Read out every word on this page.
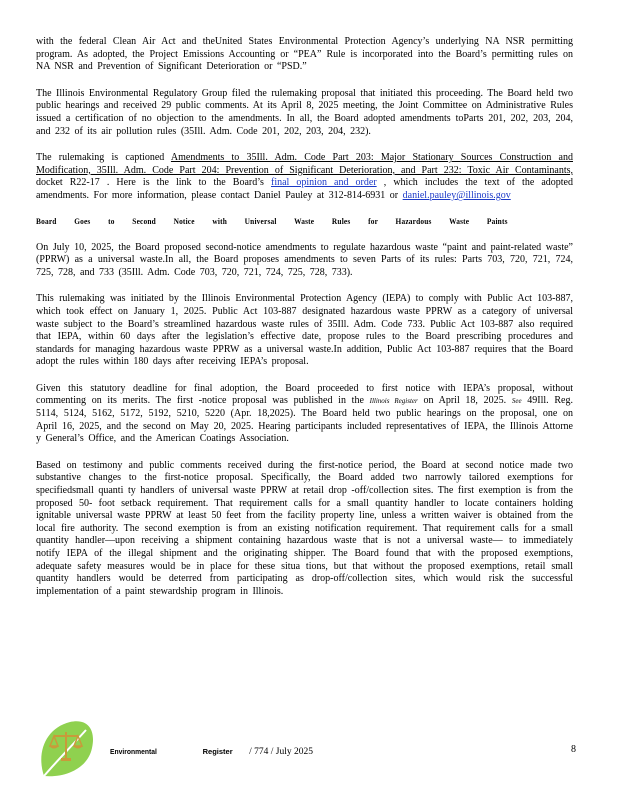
with the federal Clean Air Act and theUnited States Environmental Protection Agency’s underlying NA NSR permitting program. As adopted, the Project Emissions Accounting or “PEA” Rule is incorporated into the Board’s permitting rules on NA NSR and Prevention of Significant Deterioration or “PSD.”

The Illinois Environmental Regulatory Group filed the rulemaking proposal that initiated this proceeding. The Board held two public hearings and received 29 public comments. At its April 8, 2025 meeting, the Joint Committee on Administrative Rules issued a certification of no objection to the amendments. In all, the Board adopted amendments toParts 201, 202, 203, 204, and 232 of its air pollution rules (35Ill. Adm. Code 201, 202, 203, 204, 232).

The rulemaking is captioned Amendments to 35Ill. Adm. Code Part 203: Major Stationary Sources Construction and Modification, 35Ill. Adm. Code Part 204: Prevention of Significant Deterioration, and Part 232: Toxic Air Contaminants, docket R22-17 . Here is the link to the Board’s final opinion and order , which includes the text of the adopted amendments. For more information, please contact Daniel Pauley at 312-814-6931 or daniel.pauley@illinois.gov

Board Goes to Second Notice with Universal Waste Rules for Hazardous Waste Paints

On July 10, 2025, the Board proposed second-notice amendments to regulate hazardous waste “paint and paint-related waste” (PPRW) as a universal waste.In all, the Board proposes amendments to seven Parts of its rules: Parts 703, 720, 721, 724, 725, 728, and 733 (35Ill. Adm. Code 703, 720, 721, 724, 725, 728, 733).

This rulemaking was initiated by the Illinois Environmental Protection Agency (IEPA) to comply with Public Act 103-887, which took effect on January 1, 2025. Public Act 103-887 designated hazardous waste PPRW as a category of universal waste subject to the Board’s streamlined hazardous waste rules of 35Ill. Adm. Code 733. Public Act 103-887 also required that IEPA, within 60 days after the legislation’s effective date, propose rules to the Board prescribing procedures and standards for managing hazardous waste PPRW as a universal waste.In addition, Public Act 103-887 requires that the Board adopt the rules within 180 days after receiving IEPA’s proposal.

Given this statutory deadline for final adoption, the Board proceeded to first notice with IEPA’s proposal, without commenting on its merits. The first -notice proposal was published in the Illinois Register on April 18, 2025. See 49Ill. Reg. 5114, 5124, 5162, 5172, 5192, 5210, 5220 (Apr. 18,2025). The Board held two public hearings on the proposal, one on April 16, 2025, and the second on May 20, 2025. Hearing participants included representatives of IEPA, the Illinois Attorne y General’s Office, and the American Coatings Association.

Based on testimony and public comments received during the first-notice period, the Board at second notice made two substantive changes to the first-notice proposal. Specifically, the Board added two narrowly tailored exemptions for specifiedsmall quanti ty handlers of universal waste PPRW at retail drop -off/collection sites. The first exemption is from the proposed 50- foot setback requirement. That requirement calls for a small quantity handler to locate containers holding ignitable universal waste PPRW at least 50 feet from the facility property line, unless a written waiver is obtained from the local fire authority. The second exemption is from an existing notification requirement. That requirement calls for a small quantity handler—upon receiving a shipment containing hazardous waste that is not a universal waste— to immediately notify IEPA of the illegal shipment and the originating shipper. The Board found that with the proposed exemptions, adequate safety measures would be in place for these situa tions, but that without the proposed exemptions, retail small quantity handlers would be deterred from participating as drop-off/collection sites, which would risk the successful implementation of a paint stewardship program in Illinois.

Environmental	Register / 774 / July 2025	8
